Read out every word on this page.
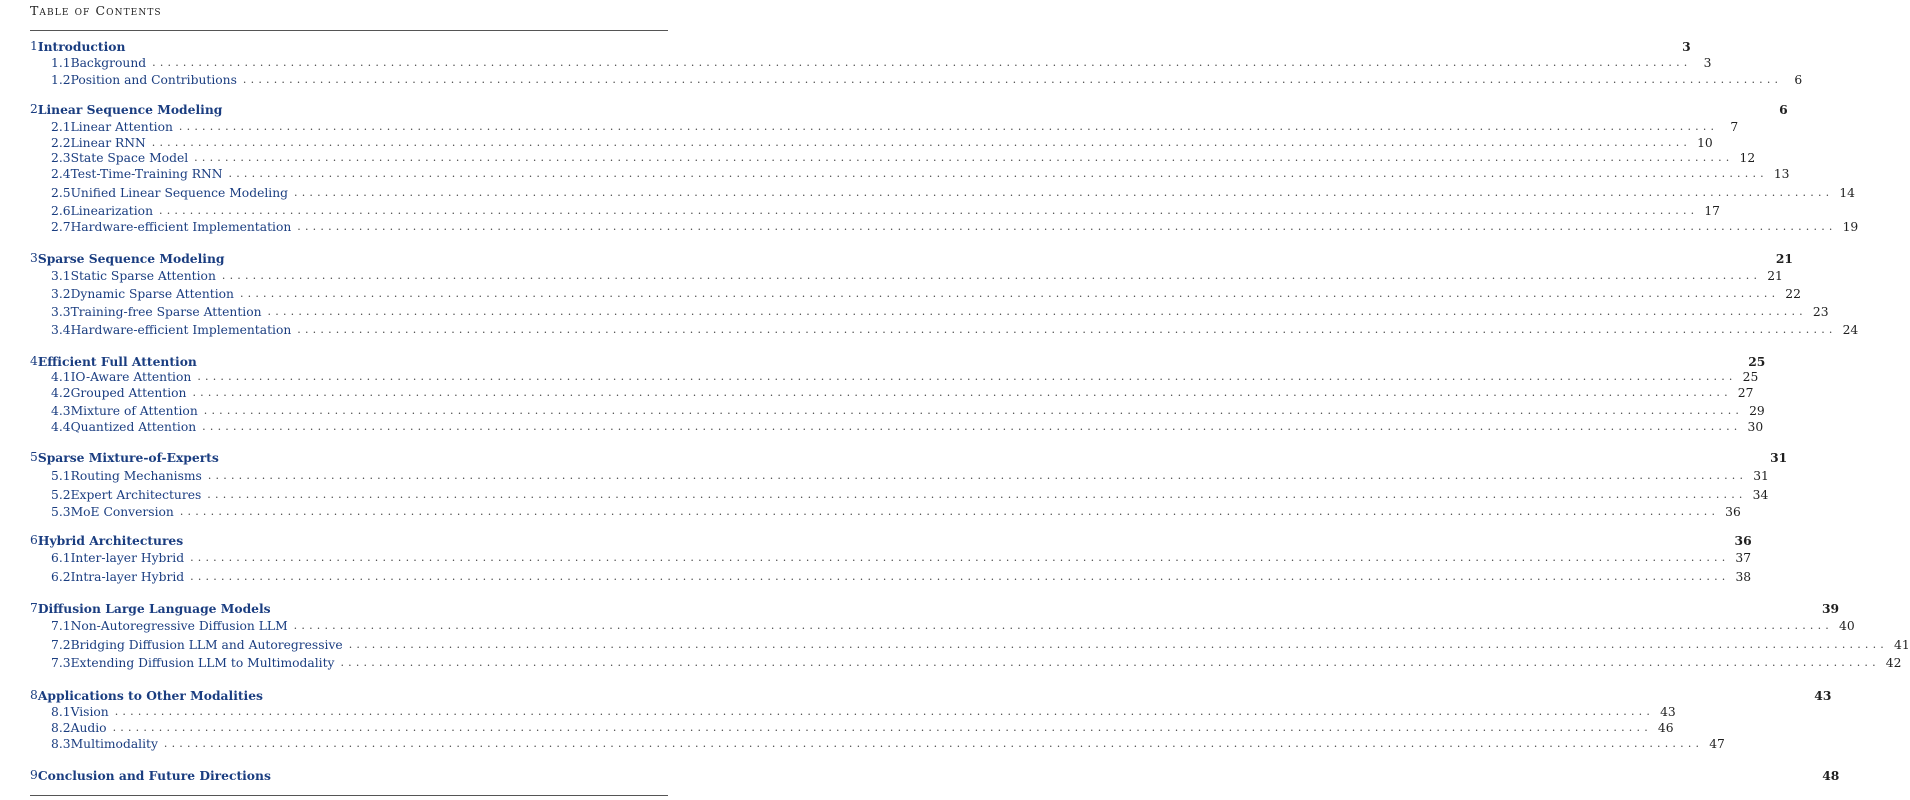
Table of Contents
1 Introduction	3
1.1 Background ........................................................................................................................................................................................................ 3
1.2 Position and Contributions ........................................................................................................................................................................................................ 6
2 Linear Sequence Modeling	6
2.1 Linear Attention ........................................................................................................................................................................................................ 7
2.2 Linear RNN ........................................................................................................................................................................................................ 10
2.3 State Space Model ........................................................................................................................................................................................................ 12
2.4 Test-Time-Training RNN ........................................................................................................................................................................................................ 13
2.5 Unified Linear Sequence Modeling ........................................................................................................................................................................................................ 14
2.6 Linearization ........................................................................................................................................................................................................ 17
2.7 Hardware-efficient Implementation ........................................................................................................................................................................................................ 19
3 Sparse Sequence Modeling	21
3.1 Static Sparse Attention ........................................................................................................................................................................................................ 21
3.2 Dynamic Sparse Attention ........................................................................................................................................................................................................ 22
3.3 Training-free Sparse Attention ........................................................................................................................................................................................................ 23
3.4 Hardware-efficient Implementation ........................................................................................................................................................................................................ 24
4 Efficient Full Attention	25
4.1 IO-Aware Attention ........................................................................................................................................................................................................ 25
4.2 Grouped Attention ........................................................................................................................................................................................................ 27
4.3 Mixture of Attention ........................................................................................................................................................................................................ 29
4.4 Quantized Attention ........................................................................................................................................................................................................ 30
5 Sparse Mixture-of-Experts	31
5.1 Routing Mechanisms ........................................................................................................................................................................................................ 31
5.2 Expert Architectures ........................................................................................................................................................................................................ 34
5.3 MoE Conversion ........................................................................................................................................................................................................ 36
6 Hybrid Architectures	36
6.1 Inter-layer Hybrid ........................................................................................................................................................................................................ 37
6.2 Intra-layer Hybrid ........................................................................................................................................................................................................ 38
7 Diffusion Large Language Models	39
7.1 Non-Autoregressive Diffusion LLM ........................................................................................................................................................................................................ 40
7.2 Bridging Diffusion LLM and Autoregressive ........................................................................................................................................................................................................ 41
7.3 Extending Diffusion LLM to Multimodality ........................................................................................................................................................................................................ 42
8 Applications to Other Modalities	43
8.1 Vision ........................................................................................................................................................................................................ 43
8.2 Audio ........................................................................................................................................................................................................ 46
8.3 Multimodality ........................................................................................................................................................................................................ 47
9 Conclusion and Future Directions	48
